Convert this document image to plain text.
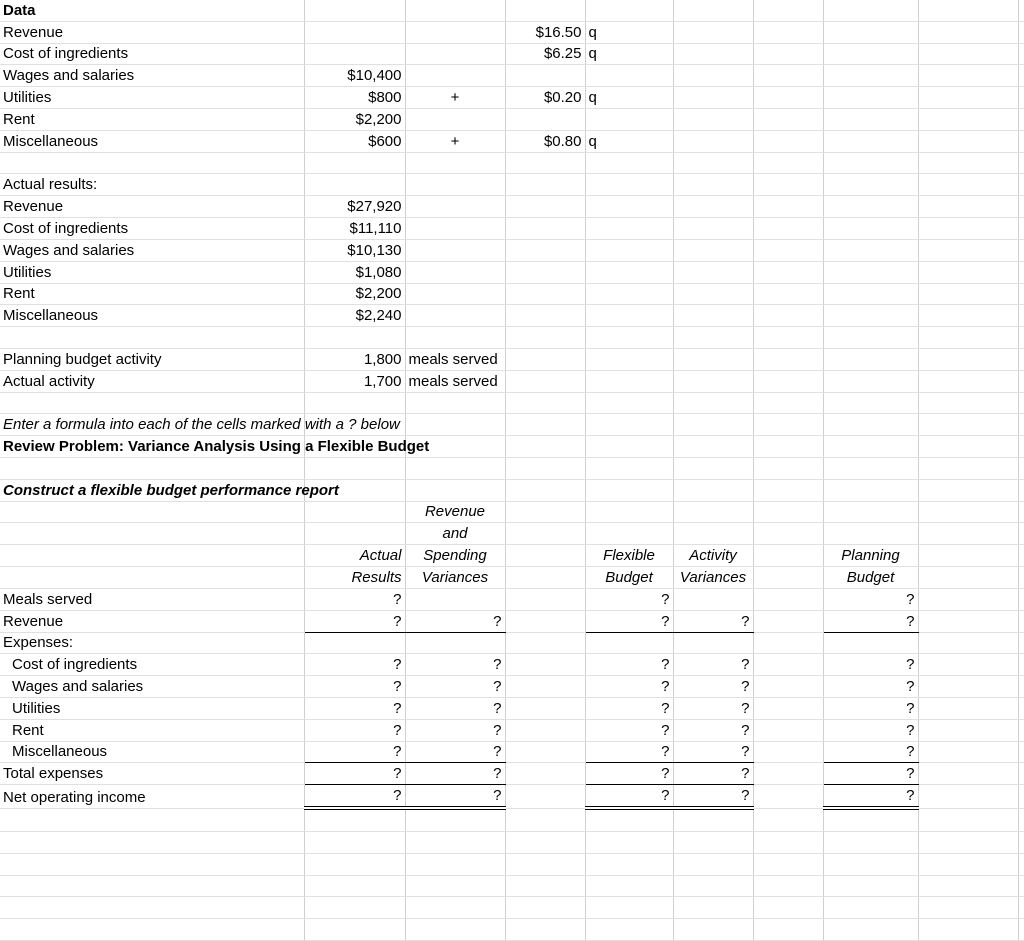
Data										
Revenue			$16.50	q						
Cost of ingredients			$6.25	q						
Wages and salaries	$10,400									
Utilities	$800	+	$0.20	q						
Rent	$2,200									
Miscellaneous	$600	+	$0.80	q						

Actual results:										
Revenue	$27,920									
Cost of ingredients	$11,110									
Wages and salaries	$10,130									
Utilities	$1,080									
Rent	$2,200									
Miscellaneous	$2,240									

Planning budget activity	1,800	meals served								
Actual activity	1,700	meals served								

Enter a formula into each of the cells marked with a ? below										
Review Problem: Variance Analysis Using a Flexible Budget										

Construct a flexible budget performance report										
		Revenue								
		and								
	Actual	Spending		Flexible	Activity		Planning			
	Results	Variances		Budget	Variances		Budget			
Meals served	?			?			?			
Revenue	?	?		?	?		?			
Expenses:										
Cost of ingredients	?	?		?	?		?			
Wages and salaries	?	?		?	?		?			
Utilities	?	?		?	?		?			
Rent	?	?		?	?		?			
Miscellaneous	?	?		?	?		?			
Total expenses	?	?		?	?		?			
Net operating income	?	?		?	?		?			
